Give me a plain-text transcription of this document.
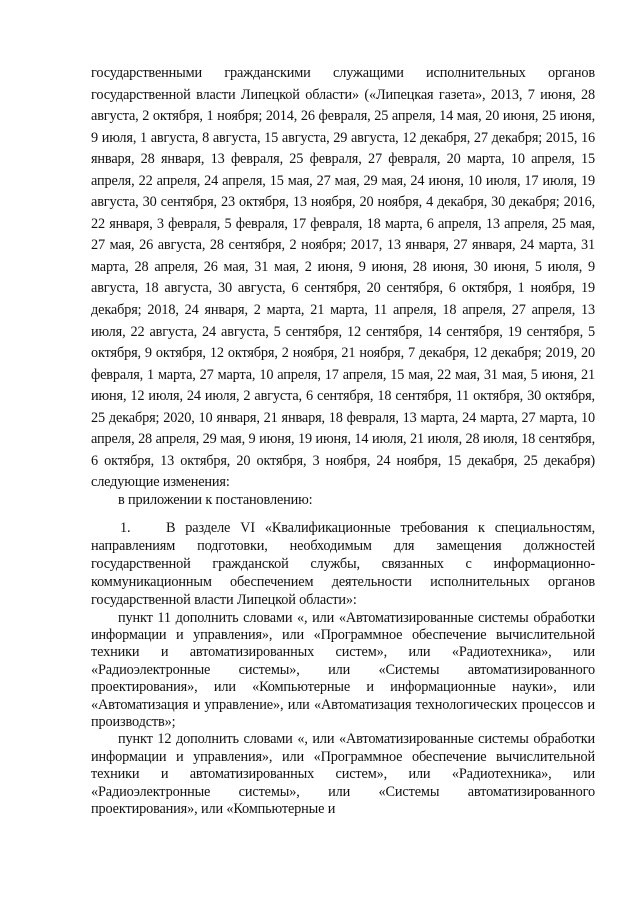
государственными гражданскими служащими исполнительных органов государственной власти Липецкой области» («Липецкая газета», 2013, 7 июня, 28 августа, 2 октября, 1 ноября; 2014, 26 февраля, 25 апреля, 14 мая, 20 июня, 25 июня, 9 июля, 1 августа, 8 августа, 15 августа, 29 августа, 12 декабря, 27 декабря; 2015, 16 января, 28 января, 13 февраля, 25 февраля, 27 февраля, 20 марта, 10 апреля, 15 апреля, 22 апреля, 24 апреля, 15 мая, 27 мая, 29 мая, 24 июня, 10 июля, 17 июля, 19 августа, 30 сентября, 23 октября, 13 ноября, 20 ноября, 4 декабря, 30 декабря; 2016, 22 января, 3 февраля, 5 февраля, 17 февраля, 18 марта, 6 апреля, 13 апреля, 25 мая, 27 мая, 26 августа, 28 сентября, 2 ноября; 2017, 13 января, 27 января, 24 марта, 31 марта, 28 апреля, 26 мая, 31 мая, 2 июня, 9 июня, 28 июня, 30 июня, 5 июля, 9 августа, 18 августа, 30 августа, 6 сентября, 20 сентября, 6 октября, 1 ноября, 19 декабря; 2018, 24 января, 2 марта, 21 марта, 11 апреля, 18 апреля, 27 апреля, 13 июля, 22 августа, 24 августа, 5 сентября, 12 сентября, 14 сентября, 19 сентября, 5 октября, 9 октября, 12 октября, 2 ноября, 21 ноября, 7 декабря, 12 декабря; 2019, 20 февраля, 1 марта, 27 марта, 10 апреля, 17 апреля, 15 мая, 22 мая, 31 мая, 5 июня, 21 июня, 12 июля, 24 июля, 2 августа, 6 сентября, 18 сентября, 11 октября, 30 октября, 25 декабря; 2020, 10 января, 21 января, 18 февраля, 13 марта, 24 марта, 27 марта, 10 апреля, 28 апреля, 29 мая, 9 июня, 19 июня, 14 июля, 21 июля, 28 июля, 18 сентября, 6 октября, 13 октября, 20 октября, 3 ноября, 24 ноября, 15 декабря, 25 декабря) следующие изменения:

в приложении к постановлению:

1. В разделе VI «Квалификационные требования к специальностям, направлениям подготовки, необходимым для замещения должностей государственной гражданской службы, связанных с информационно-коммуникационным обеспечением деятельности исполнительных органов государственной власти Липецкой области»:

пункт 11 дополнить словами «, или «Автоматизированные системы обработки информации и управления», или «Программное обеспечение вычислительной техники и автоматизированных систем», или «Радиотехника», или «Радиоэлектронные системы», или «Системы автоматизированного проектирования», или «Компьютерные и информационные науки», или «Автоматизация и управление», или «Автоматизация технологических процессов и производств»;

пункт 12 дополнить словами «, или «Автоматизированные системы обработки информации и управления», или «Программное обеспечение вычислительной техники и автоматизированных систем», или «Радиотехника», или «Радиоэлектронные системы», или «Системы автоматизированного проектирования», или «Компьютерные и
